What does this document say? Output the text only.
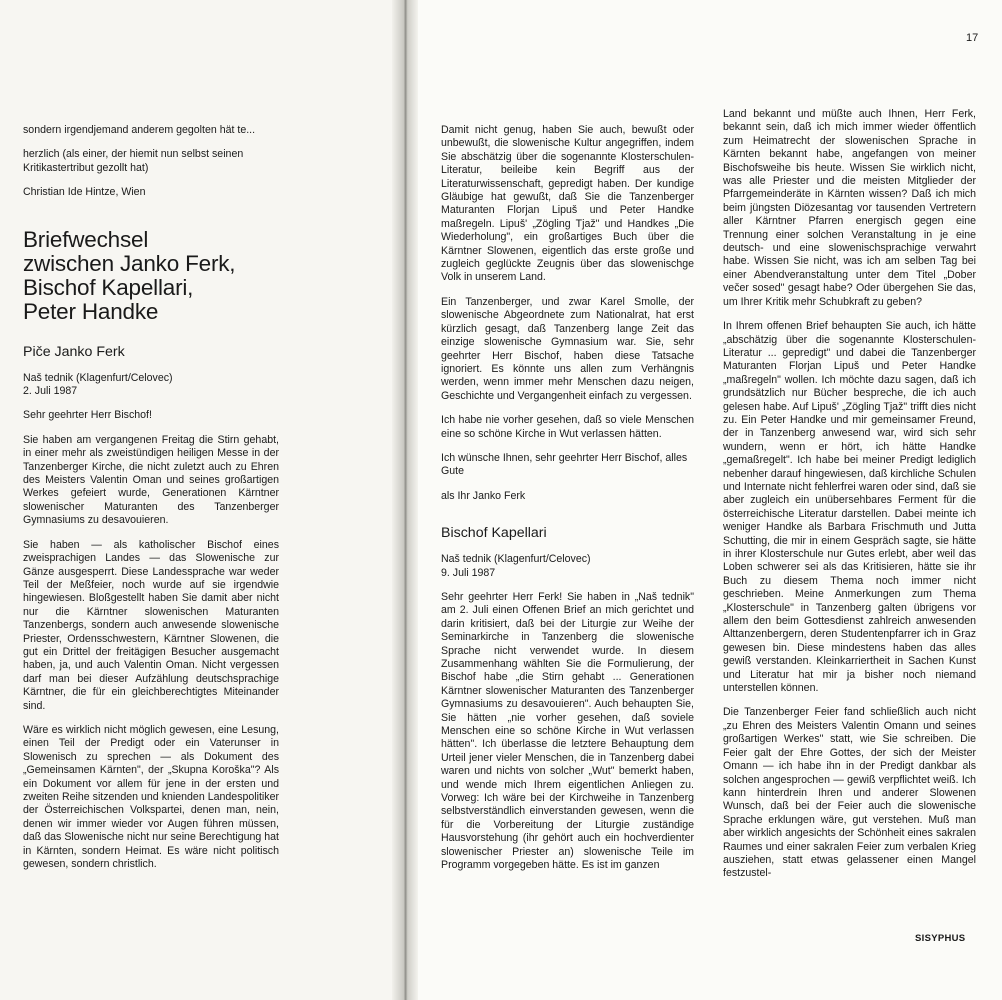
17

sondern irgendjemand anderem gegolten hät te...

herzlich (als einer, der hiemit nun selbst seinen Kritikastertribut gezollt hat)

Christian Ide Hintze, Wien

Briefwechsel
zwischen Janko Ferk,
Bischof Kapellari,
Peter Handke
Piče Janko Ferk

Naš tednik (Klagenfurt/Celovec)
2. Juli 1987

Sehr geehrter Herr Bischof!

Sie haben am vergangenen Freitag die Stirn gehabt, in einer mehr als zweistündigen heiligen Messe in der Tanzenberger Kirche, die nicht zuletzt auch zu Ehren des Meisters Valentin Oman und seines großartigen Werkes gefeiert wurde, Generationen Kärntner slowenischer Maturanten des Tanzenberger Gymnasiums zu desavouieren.

Sie haben — als katholischer Bischof eines zweisprachigen Landes — das Slowenische zur Gänze ausgesperrt. Diese Landessprache war weder Teil der Meßfeier, noch wurde auf sie irgendwie hingewiesen. Bloßgestellt haben Sie damit aber nicht nur die Kärntner slowenischen Maturanten Tanzenbergs, sondern auch anwesende slowenische Priester, Ordensschwestern, Kärntner Slowenen, die gut ein Drittel der freitägigen Besucher ausgemacht haben, ja, und auch Valentin Oman. Nicht vergessen darf man bei dieser Aufzählung deutschsprachige Kärntner, die für ein gleichberechtigtes Miteinander sind.

Wäre es wirklich nicht möglich gewesen, eine Lesung, einen Teil der Predigt oder ein Vaterunser in Slowenisch zu sprechen — als Dokument des „Gemeinsamen Kärnten", der „Skupna Koroška"? Als ein Dokument vor allem für jene in der ersten und zweiten Reihe sitzenden und knienden Landespolitiker der Österreichischen Volkspartei, denen man, nein, denen wir immer wieder vor Augen führen müssen, daß das Slowenische nicht nur seine Berechtigung hat in Kärnten, sondern Heimat. Es wäre nicht politisch gewesen, sondern christlich.

Damit nicht genug, haben Sie auch, bewußt oder unbewußt, die slowenische Kultur angegriffen, indem Sie abschätzig über die sogenannte Klosterschulen-Literatur, beileibe kein Begriff aus der Literaturwissenschaft, gepredigt haben. Der kundige Gläubige hat gewußt, daß Sie die Tanzenberger Maturanten Florjan Lipuš und Peter Handke maßregeln. Lipuš' „Zögling Tjaž" und Handkes „Die Wiederholung", ein großartiges Buch über die Kärntner Slowenen, eigentlich das erste große und zugleich geglückte Zeugnis über das slowenischge Volk in unserem Land.

Ein Tanzenberger, und zwar Karel Smolle, der slowenische Abgeordnete zum Nationalrat, hat erst kürzlich gesagt, daß Tanzenberg lange Zeit das einzige slowenische Gymnasium war. Sie, sehr geehrter Herr Bischof, haben diese Tatsache ignoriert. Es könnte uns allen zum Verhängnis werden, wenn immer mehr Menschen dazu neigen, Geschichte und Vergangenheit einfach zu vergessen.

Ich habe nie vorher gesehen, daß so viele Menschen eine so schöne Kirche in Wut verlassen hätten.

Ich wünsche Ihnen, sehr geehrter Herr Bischof, alles Gute

als Ihr Janko Ferk

Bischof Kapellari

Naš tednik (Klagenfurt/Celovec)
9. Juli 1987

Sehr geehrter Herr Ferk! Sie haben in „Naš tednik" am 2. Juli einen Offenen Brief an mich gerichtet und darin kritisiert, daß bei der Liturgie zur Weihe der Seminarkirche in Tanzenberg die slowenische Sprache nicht verwendet wurde. In diesem Zusammenhang wählten Sie die Formulierung, der Bischof habe „die Stirn gehabt ... Generationen Kärntner slowenischer Maturanten des Tanzenberger Gymnasiums zu desavouieren". Auch behaupten Sie, Sie hätten „nie vorher gesehen, daß soviele Menschen eine so schöne Kirche in Wut verlassen hätten". Ich überlasse die letztere Behauptung dem Urteil jener vieler Menschen, die in Tanzenberg dabei waren und nichts von solcher „Wut" bemerkt haben, und wende mich Ihrem eigentlichen Anliegen zu. Vorweg: Ich wäre bei der Kirchweihe in Tanzenberg selbstverständlich einverstanden gewesen, wenn die für die Vorbereitung der Liturgie zuständige Hausvorstehung (ihr gehört auch ein hochverdienter slowenischer Priester an) slowenische Teile im Programm vorgegeben hätte. Es ist im ganzen

Land bekannt und müßte auch Ihnen, Herr Ferk, bekannt sein, daß ich mich immer wieder öffentlich zum Heimatrecht der slowenischen Sprache in Kärnten bekannt habe, angefangen von meiner Bischofsweihe bis heute. Wissen Sie wirklich nicht, was alle Priester und die meisten Mitglieder der Pfarrgemeinderäte in Kärnten wissen? Daß ich mich beim jüngsten Diözesantag vor tausenden Vertretern aller Kärntner Pfarren energisch gegen eine Trennung einer solchen Veranstaltung in je eine deutsch- und eine slowenischsprachige verwahrt habe. Wissen Sie nicht, was ich am selben Tag bei einer Abendveranstaltung unter dem Titel „Dober večer sosed" gesagt habe? Oder übergehen Sie das, um Ihrer Kritik mehr Schubkraft zu geben?

In Ihrem offenen Brief behaupten Sie auch, ich hätte „abschätzig über die sogenannte Klosterschulen-Literatur ... gepredigt" und dabei die Tanzenberger Maturanten Florjan Lipuš und Peter Handke „maßregeln" wollen. Ich möchte dazu sagen, daß ich grundsätzlich nur Bücher bespreche, die ich auch gelesen habe. Auf Lipuš' „Zögling Tjaž" trifft dies nicht zu. Ein Peter Handke und mir gemeinsamer Freund, der in Tanzenberg anwesend war, wird sich sehr wundern, wenn er hört, ich hätte Handke „gemaßregelt". Ich habe bei meiner Predigt lediglich nebenher darauf hingewiesen, daß kirchliche Schulen und Internate nicht fehlerfrei waren oder sind, daß sie aber zugleich ein unübersehbares Ferment für die österreichische Literatur darstellen. Dabei meinte ich weniger Handke als Barbara Frischmuth und Jutta Schutting, die mir in einem Gespräch sagte, sie hätte in ihrer Klosterschule nur Gutes erlebt, aber weil das Loben schwerer sei als das Kritisieren, hätte sie ihr Buch zu diesem Thema noch immer nicht geschrieben. Meine Anmerkungen zum Thema „Klosterschule" in Tanzenberg galten übrigens vor allem den beim Gottesdienst zahlreich anwesenden Alttanzenbergern, deren Studentenpfarrer ich in Graz gewesen bin. Diese mindestens haben das alles gewiß verstanden. Kleinkarriertheit in Sachen Kunst und Literatur hat mir ja bisher noch niemand unterstellen können.

Die Tanzenberger Feier fand schließlich auch nicht „zu Ehren des Meisters Valentin Omann und seines großartigen Werkes" statt, wie Sie schreiben. Die Feier galt der Ehre Gottes, der sich der Meister Omann — ich habe ihn in der Predigt dankbar als solchen angesprochen — gewiß verpflichtet weiß. Ich kann hinterdrein Ihren und anderer Slowenen Wunsch, daß bei der Feier auch die slowenische Sprache erklungen wäre, gut verstehen. Muß man aber wirklich angesichts der Schönheit eines sakralen Raumes und einer sakralen Feier zum verbalen Krieg ausziehen, statt etwas gelassener einen Mangel festzustel-

SISYPHUS
